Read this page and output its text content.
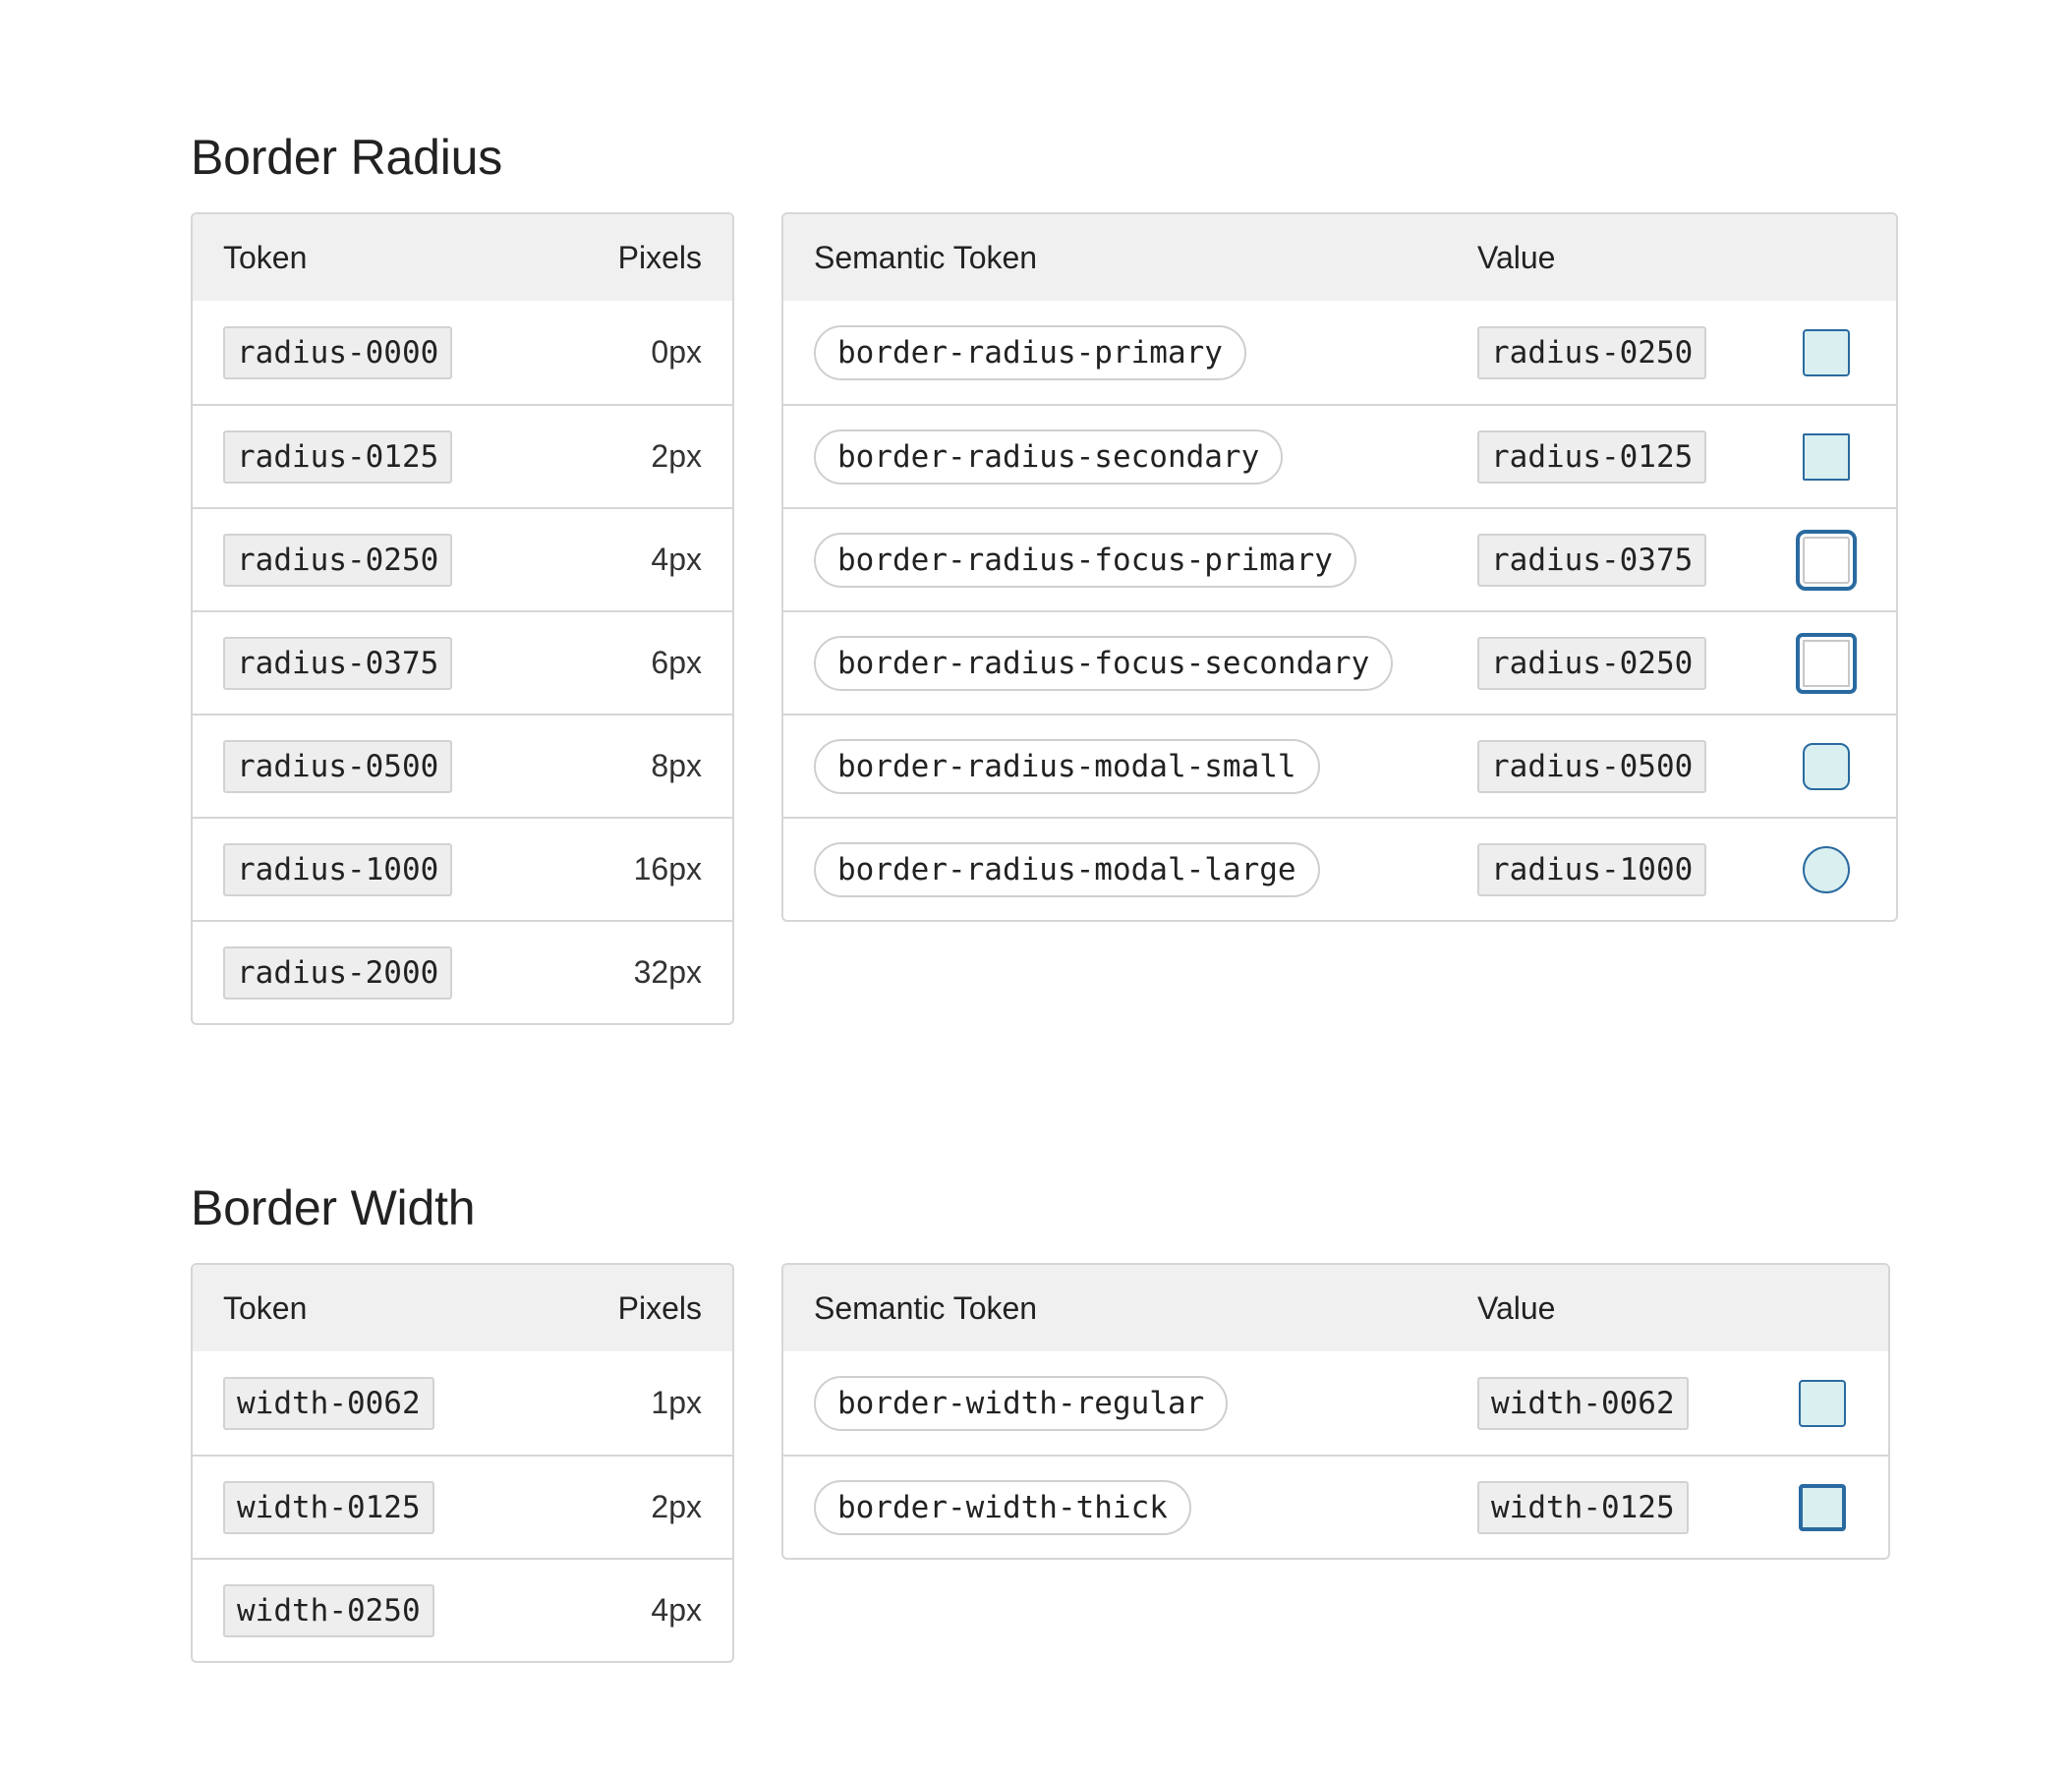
Border Radius
Token	Pixels
radius-0000	0px
radius-0125	2px
radius-0250	4px
radius-0375	6px
radius-0500	8px
radius-1000	16px
radius-2000	32px
Semantic Token	Value
border-radius-primary	radius-0250
border-radius-secondary	radius-0125
border-radius-focus-primary	radius-0375
border-radius-focus-secondary	radius-0250
border-radius-modal-small	radius-0500
border-radius-modal-large	radius-1000
Border Width
Token	Pixels
width-0062	1px
width-0125	2px
width-0250	4px
Semantic Token	Value
border-width-regular	width-0062
border-width-thick	width-0125
